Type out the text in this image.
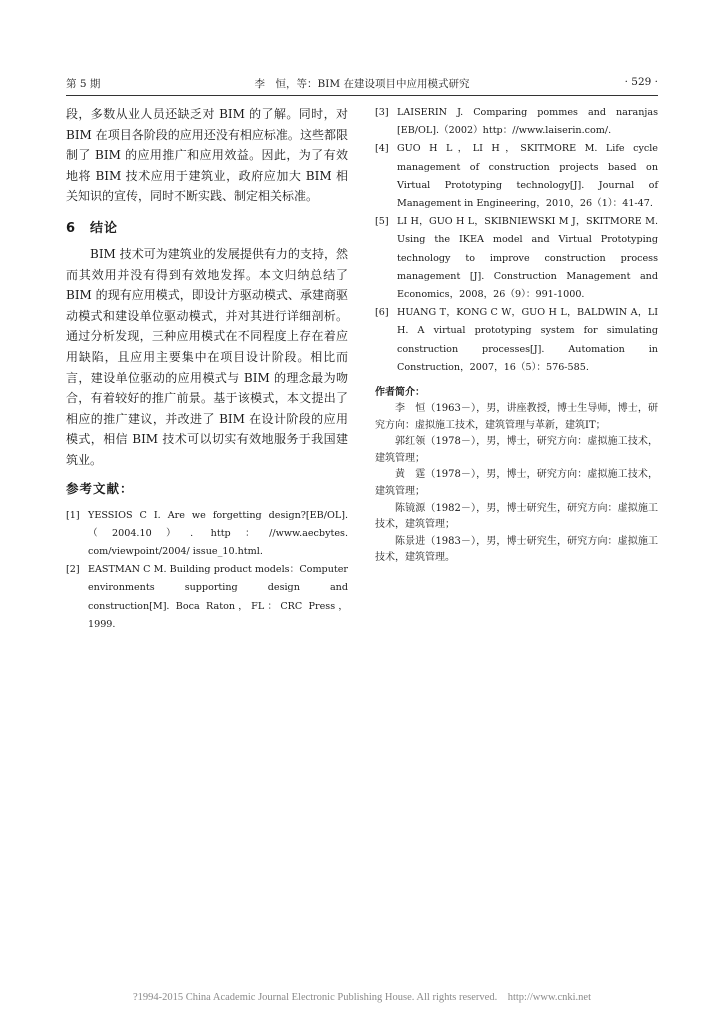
第 5 期	李　恒，等：BIM 在建设项目中应用模式研究	· 529 ·

段，多数从业人员还缺乏对 BIM 的了解。同时，对 BIM 在项目各阶段的应用还没有相应标准。这些都限制了 BIM 的应用推广和应用效益。因此，为了有效地将 BIM 技术应用于建筑业，政府应加大 BIM 相关知识的宣传，同时不断实践、制定相关标准。

6　结论

BIM 技术可为建筑业的发展提供有力的支持，然而其效用并没有得到有效地发挥。本文归纳总结了 BIM 的现有应用模式，即设计方驱动模式、承建商驱动模式和建设单位驱动模式，并对其进行详细剖析。通过分析发现，三种应用模式在不同程度上存在着应用缺陷，且应用主要集中在项目设计阶段。相比而言，建设单位驱动的应用模式与 BIM 的理念最为吻合，有着较好的推广前景。基于该模式，本文提出了相应的推广建议，并改进了 BIM 在设计阶段的应用模式，相信 BIM 技术可以切实有效地服务于我国建筑业。

参考文献：
[1] YESSIOS C I. Are we forgetting design?[EB/OL]. （2004.10）. http：//www.aecbytes. com/viewpoint/2004/ issue_10.html.
[2] EASTMAN C M. Building product models：Computer environments supporting design and construction[M]. Boca Raton，FL：CRC Press，1999.
[3] LAISERIN J. Comparing pommes and naranjas [EB/OL].（2002）http：//www.laiserin.com/.
[4] GUO H L，LI H，SKITMORE M. Life cycle management of construction projects based on Virtual Prototyping technology[J]. Journal of Management in Engineering，2010，26（1）：41-47.
[5] LI H，GUO H L，SKIBNIEWSKI M J，SKITMORE M. Using the IKEA model and Virtual Prototyping technology to improve construction process management [J]. Construction Management and Economics，2008，26（9）：991-1000.
[6] HUANG T，KONG C W，GUO H L，BALDWIN A，LI H. A virtual prototyping system for simulating construction processes[J]. Automation in Construction，2007，16（5）：576-585.
作者简介：

李　恒（1963－），男，讲座教授，博士生导师，博士，研究方向：虚拟施工技术，建筑管理与革新，建筑IT；

郭红领（1978－），男，博士，研究方向：虚拟施工技术，建筑管理；

黄　霆（1978－），男，博士，研究方向：虚拟施工技术，建筑管理；

陈镜源（1982－），男，博士研究生，研究方向：虚拟施工技术，建筑管理；

陈景进（1983－），男，博士研究生，研究方向：虚拟施工技术，建筑管理。

?1994-2015 China Academic Journal Electronic Publishing House. All rights reserved.　http://www.cnki.net
